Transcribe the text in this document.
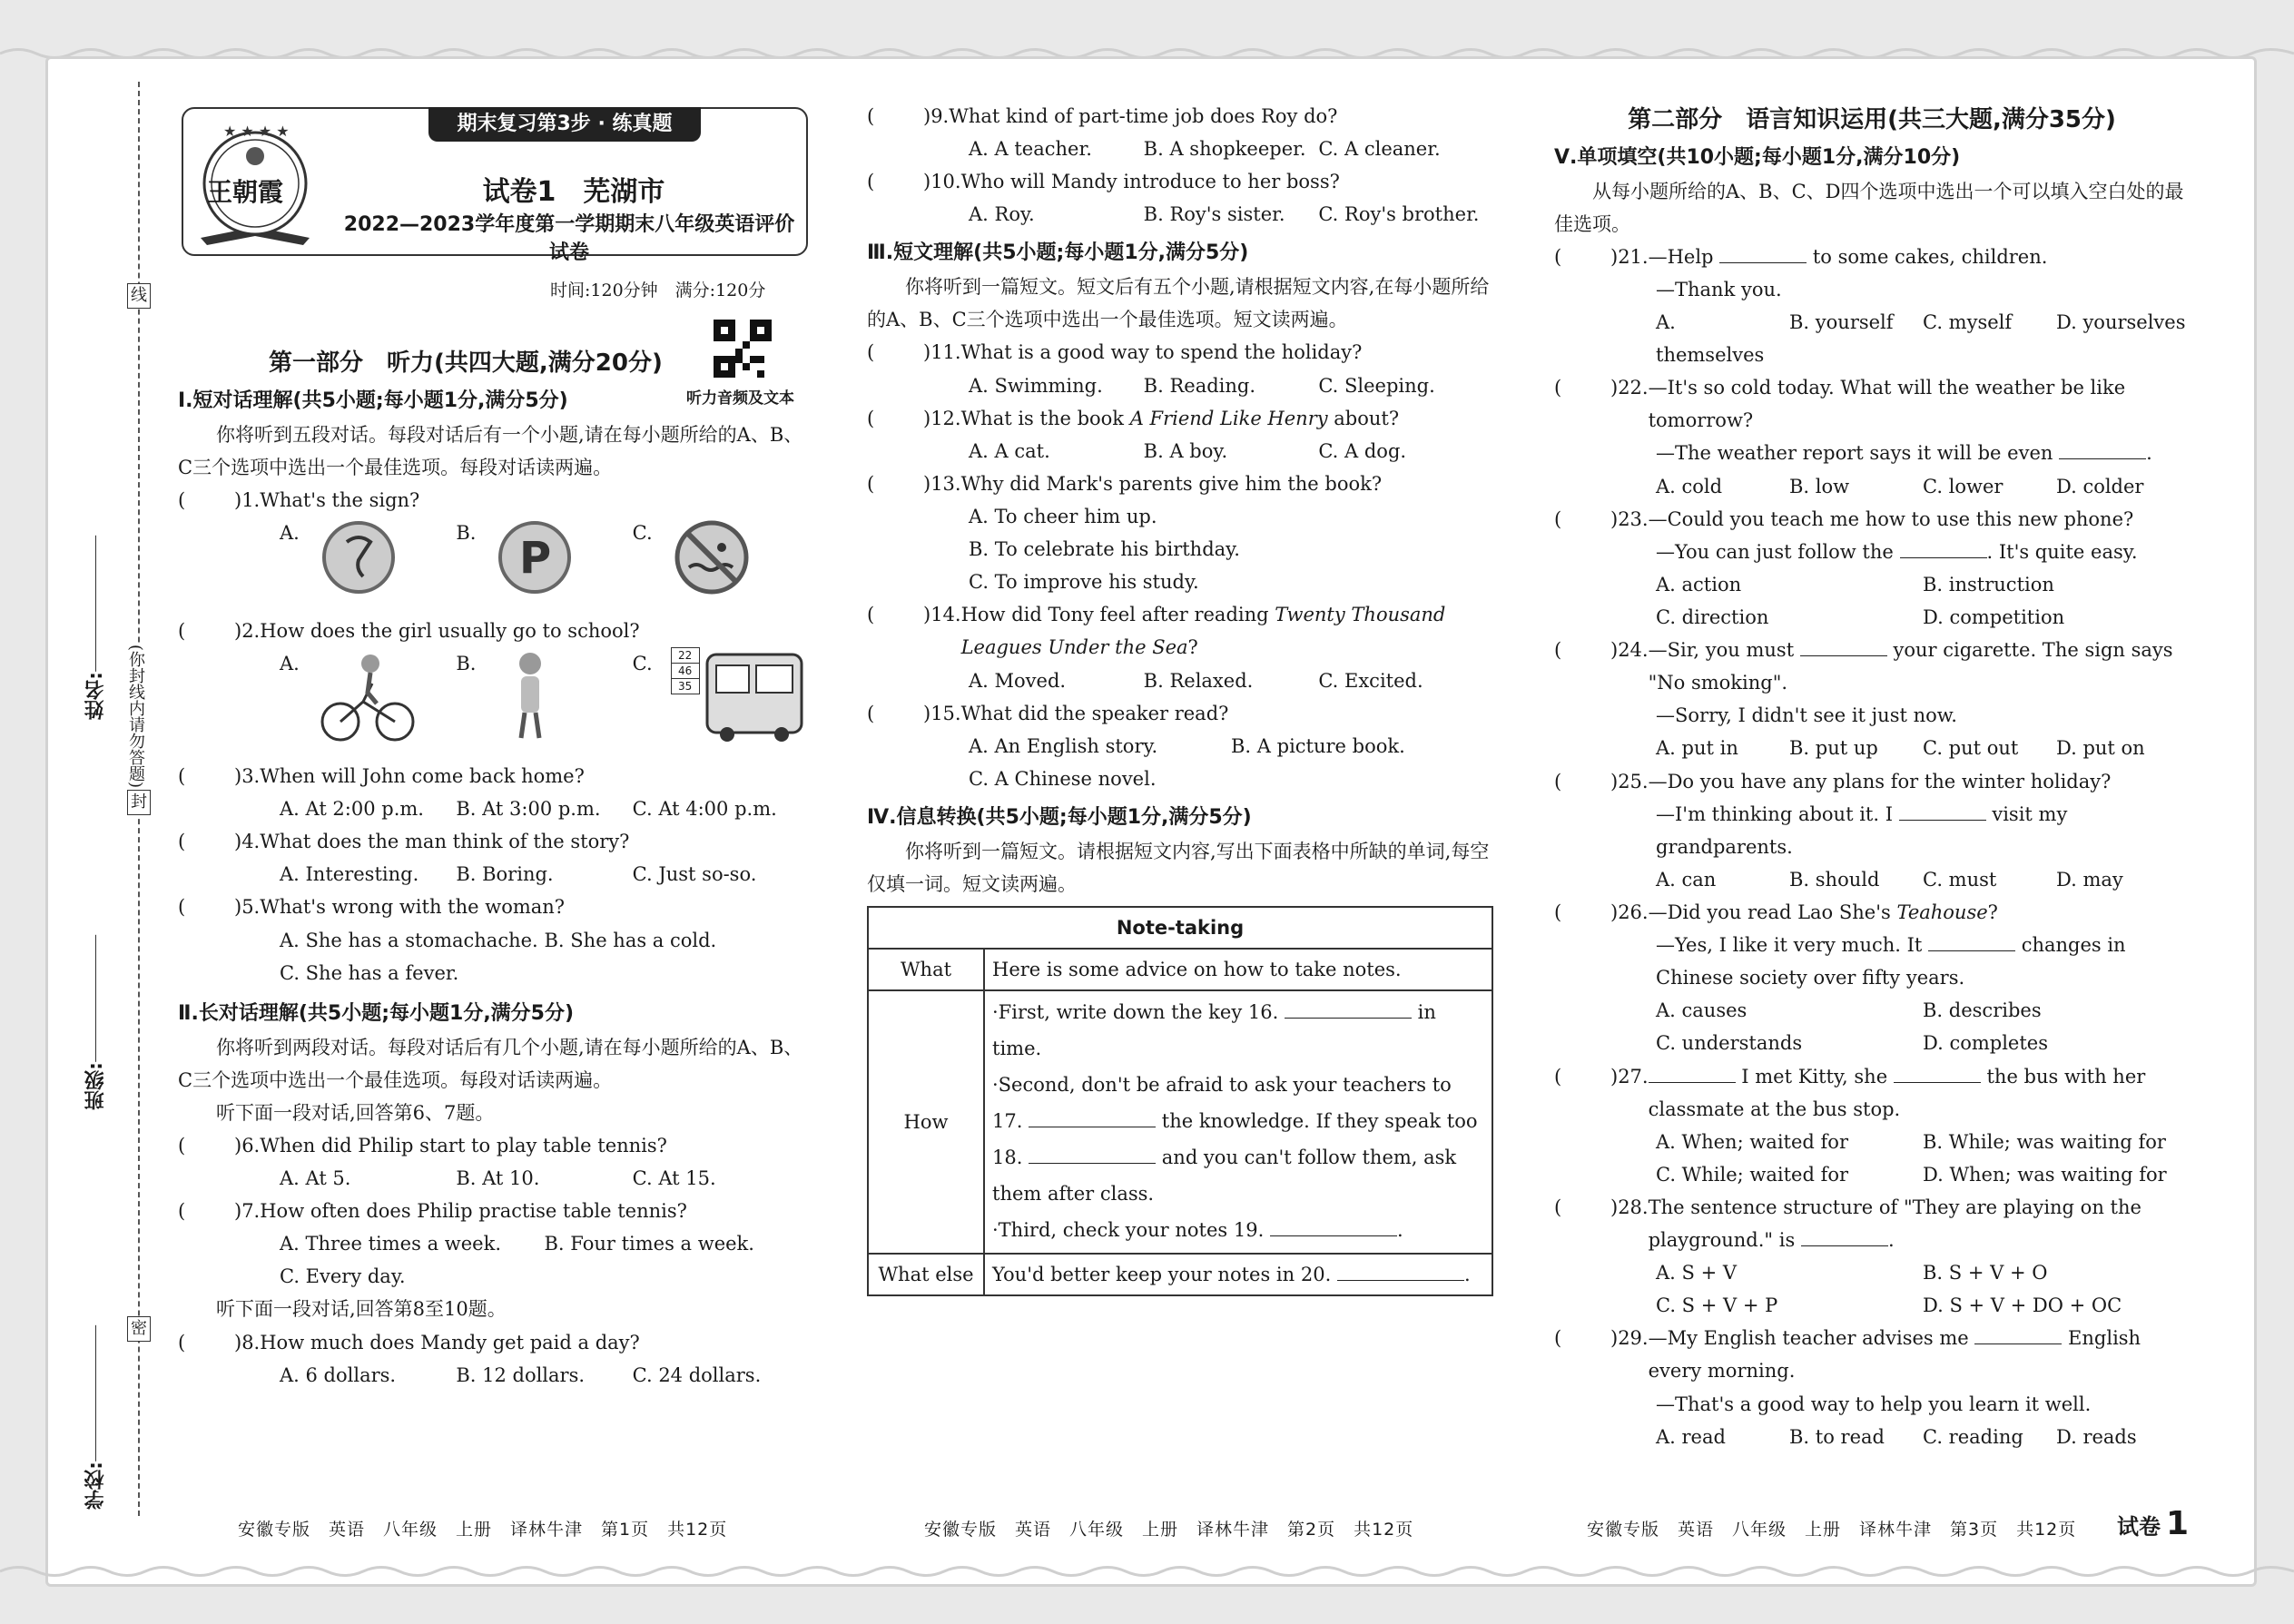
线
封
密
(你封线内请勿答题)
姓名:
班级:
学校:
期末复习第3步 · 练真题
★ ★ ★ ★
王朝霞	试卷1　芜湖市
2022—2023学年度第一学期期末八年级英语评价试卷
时间:120分钟　满分:120分
听力音频及文本

第一部分　听力(共四大题,满分20分)

Ⅰ.短对话理解(共5小题;每小题1分,满分5分)

你将听到五段对话。每段对话后有一个小题,请在每小题所给的A、B、C三个选项中选出一个最佳选项。每段对话读两遍。

(	)1. What's the sign?
A.	B. P	C.
(	)2. How does the girl usually go to school?
A.	B.	C.	22
46
35
(	)3. When will John come back home?
A. At 2:00 p.m.	B. At 3:00 p.m.	C. At 4:00 p.m.
(	)4. What does the man think of the story?
A. Interesting.	B. Boring.	C. Just so-so.
(	)5. What's wrong with the woman?
A. She has a stomachache. B. She has a cold.
C. She has a fever.

Ⅱ.长对话理解(共5小题;每小题1分,满分5分)

你将听到两段对话。每段对话后有几个小题,请在每小题所给的A、B、C三个选项中选出一个最佳选项。每段对话读两遍。

听下面一段对话,回答第6、7题。

(	)6. When did Philip start to play table tennis?
A. At 5.	B. At 10.	C. At 15.
(	)7. How often does Philip practise table tennis?
A. Three times a week.	B. Four times a week.
C. Every day.

听下面一段对话,回答第8至10题。

(	)8. How much does Mandy get paid a day?
A. 6 dollars.	B. 12 dollars.	C. 24 dollars.
安徽专版　英语　八年级　上册　译林牛津　第1页　共12页
(	)9. What kind of part-time job does Roy do?
A. A teacher.	B. A shopkeeper. C. A cleaner.
(	)10. Who will Mandy introduce to her boss?
A. Roy.	B. Roy's sister.	C. Roy's brother.

Ⅲ.短文理解(共5小题;每小题1分,满分5分)

你将听到一篇短文。短文后有五个小题,请根据短文内容,在每小题所给的A、B、C三个选项中选出一个最佳选项。短文读两遍。

(	)11. What is a good way to spend the holiday?
A. Swimming.	B. Reading.	C. Sleeping.
(	)12. What is the book A Friend Like Henry about?
A. A cat.	B. A boy.	C. A dog.
(	)13. Why did Mark's parents give him the book?
A. To cheer him up.
B. To celebrate his birthday.
C. To improve his study.
(	)14. How did Tony feel after reading Twenty Thousand Leagues Under the Sea?
A. Moved.	B. Relaxed.	C. Excited.
(	)15. What did the speaker read?
A. An English story.	B. A picture book.
C. A Chinese novel.

Ⅳ.信息转换(共5小题;每小题1分,满分5分)

你将听到一篇短文。请根据短文内容,写出下面表格中所缺的单词,每空仅填一词。短文读两遍。

Note-taking	
What	Here is some advice on how to take notes.
How	·First, write down the key 16. in time.
·Second, don't be afraid to ask your teachers to 17. the knowledge. If they speak too 18. and you can't follow them, ask them after class.
·Third, check your notes 19. .

What else	You'd better keep your notes in 20. .
安徽专版　英语　八年级　上册　译林牛津　第2页　共12页

第二部分　语言知识运用(共三大题,满分35分)

Ⅴ.单项填空(共10小题;每小题1分,满分10分)

从每小题所给的A、B、C、D四个选项中选出一个可以填入空白处的最佳选项。

(	)21. —Help	to some cakes, children.
—Thank you.
A. themselves
B. yourself	C. myself	D. yourselves
(	)22. —It's so cold today. What will the weather be like tomorrow?
—The weather report says it will be even	.
A. cold	B. low	C. lower	D. colder
(	)23. —Could you teach me how to use this new phone?
—You can just follow the	. It's quite easy.
A. action	B. instruction
C. direction	D. competition
(	)24. —Sir, you must	your cigarette. The sign says "No smoking".
—Sorry, I didn't see it just now.
A. put in	B. put up	C. put out	D. put on
(	)25. —Do you have any plans for the winter holiday?
—I'm thinking about it. I	visit my grandparents.
A. can	B. should	C. must	D. may
(	)26. —Did you read Lao She's Teahouse?
—Yes, I like it very much. It	changes in Chinese society over fifty years.
A. causes	B. describes
C. understands	D. completes
(	)27.	I met Kitty, she	the bus with her classmate at the bus stop.
A. When; waited for	B. While; was waiting for
C. While; waited for	D. When; was waiting for
(	)28. The sentence structure of "They are playing on the playground." is	.
A. S + V	B. S + V + O
C. S + V + P	D. S + V + DO + OC
(	)29. —My English teacher advises me	English every morning.
—That's a good way to help you learn it well.
A. read	B. to read	C. reading	D. reads
安徽专版　英语　八年级　上册　译林牛津　第3页　共12页 试卷 1
